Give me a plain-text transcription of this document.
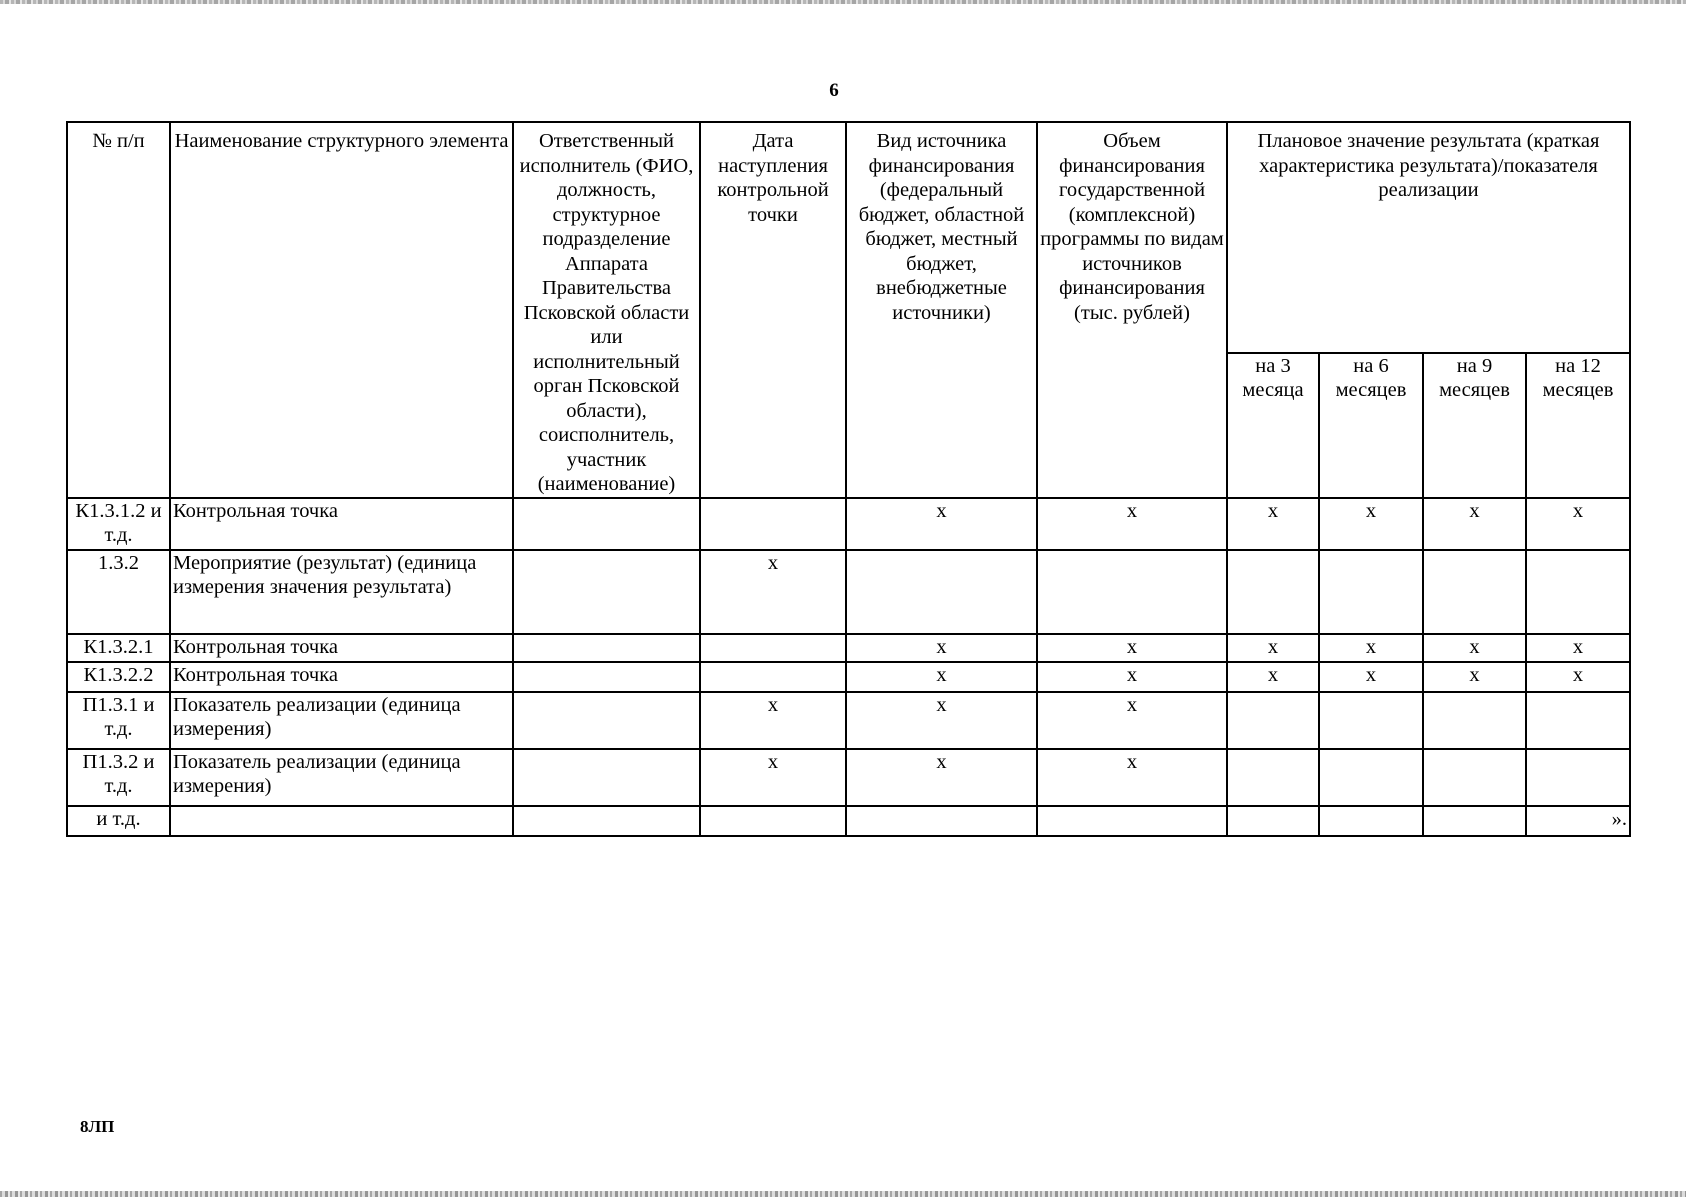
6
№ п/п	Наименование структурного элемента	Ответственный исполнитель (ФИО, должность, структурное подразделение Аппарата Правительства Псковской области или исполнительный орган Псковской области), соисполнитель, участник (наименование)	Дата наступления контрольной точки	Вид источника финансирования (федеральный бюджет, областной бюджет, местный бюджет, внебюджетные источники)	Объем финансирования государственной (комплексной) программы по видам источников финансирования (тыс. рублей)	Плановое значение результата (краткая характеристика результата)/показателя реализации			
						на 3 месяца	на 6 месяцев	на 9 месяцев	на 12 месяцев
К1.3.1.2 и т.д.	Контрольная точка			х	х	х	х	х	х
1.3.2	Мероприятие (результат) (единица измерения значения результата)		х						
К1.3.2.1	Контрольная точка			х	х	х	х	х	х
К1.3.2.2	Контрольная точка			х	х	х	х	х	х
П1.3.1 и т.д.	Показатель реализации (единица измерения)		х	х	х				
П1.3.2 и т.д.	Показатель реализации (единица измерения)		х	х	х				
и т.д.									».
8ЛП
